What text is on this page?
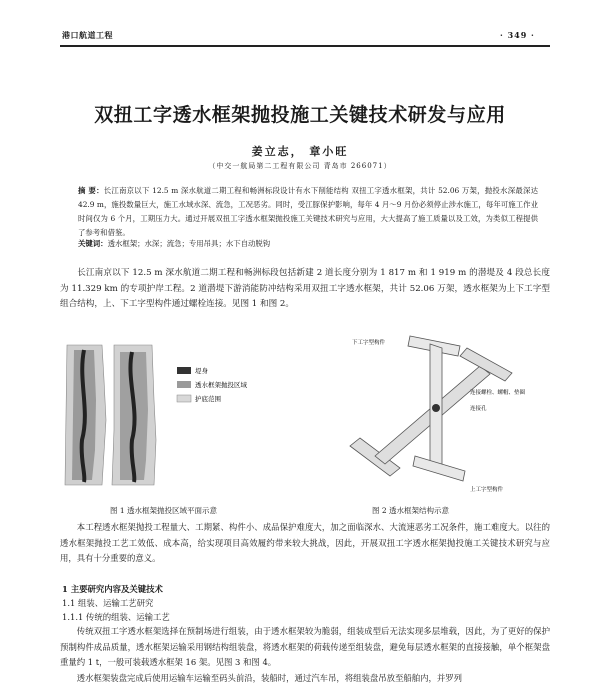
港口航道工程	· 349 ·
双扭工字透水框架抛投施工关键技术研发与应用
姜立志， 章小旺
（中交一航局第二工程有限公司 青岛市 266071）
摘 要：长江南京以下 12.5 m 深水航道二期工程和畅洲标段设计有水下削能结构 双扭工字透水框架，共计 52.06 万架，抛投水深最深达 42.9 m，施投数量巨大，施工水域水深、流急，工况恶劣。同时，受江豚保护影响，每年 4 月～9 月份必须停止涉水施工，每年可施工作业时间仅为 6 个月，工期压力大。通过开展双扭工字透水框架抛投施工关键技术研究与应用，大大提高了施工质量以及工效，为类似工程提供了参考和借鉴。
关键词：透水框架；水深；流急；专用吊具；水下自动脱钩
长江南京以下 12.5 m 深水航道二期工程和畅洲标段包括新建 2 道长度分别为 1 817 m 和 1 919 m 的潜堤及 4 段总长度为 11.329 km 的专项护岸工程。2 道潜堤下游消能防冲结构采用双扭工字透水框架，共计 52.06 万架，透水框架为上下工字型组合结构，上、下工字型构件通过螺栓连接。见图 1 和图 2。
堤身
透水框架抛投区域
护底范围
下工字型构件
连接螺栓、螺帽、垫圈
连接孔
上工字型构件
图 1 透水框架抛投区域平面示意	图 2 透水框架结构示意
本工程透水框架抛投工程量大、工期紧、构件小、成品保护难度大，加之面临深水、大流速恶劣工况条件，施工难度大。以往的透水框架抛投工艺工效低、成本高，给实现项目高效履约带来较大挑战，因此，开展双扭工字透水框架抛投施工关键技术研究与应用，具有十分重要的意义。
1 主要研究内容及关键技术
1.1 组装、运输工艺研究
1.1.1 传统的组装、运输工艺
传统双扭工字透水框架选择在预制场进行组装，由于透水框架较为脆弱，组装成型后无法实现多层堆载，因此，为了更好的保护预制构件成品质量，透水框架运输采用钢结构组装盘，将透水框架的荷载传递至组装盘，避免每层透水框架的直接接触，单个框架盘重量约 1 t，一般可装载透水框架 16 架。见图 3 和图 4。
透水框架装盘完成后使用运输车运输至码头前沿，装船时，通过汽车吊，将组装盘吊放至船舶内，并罗列
